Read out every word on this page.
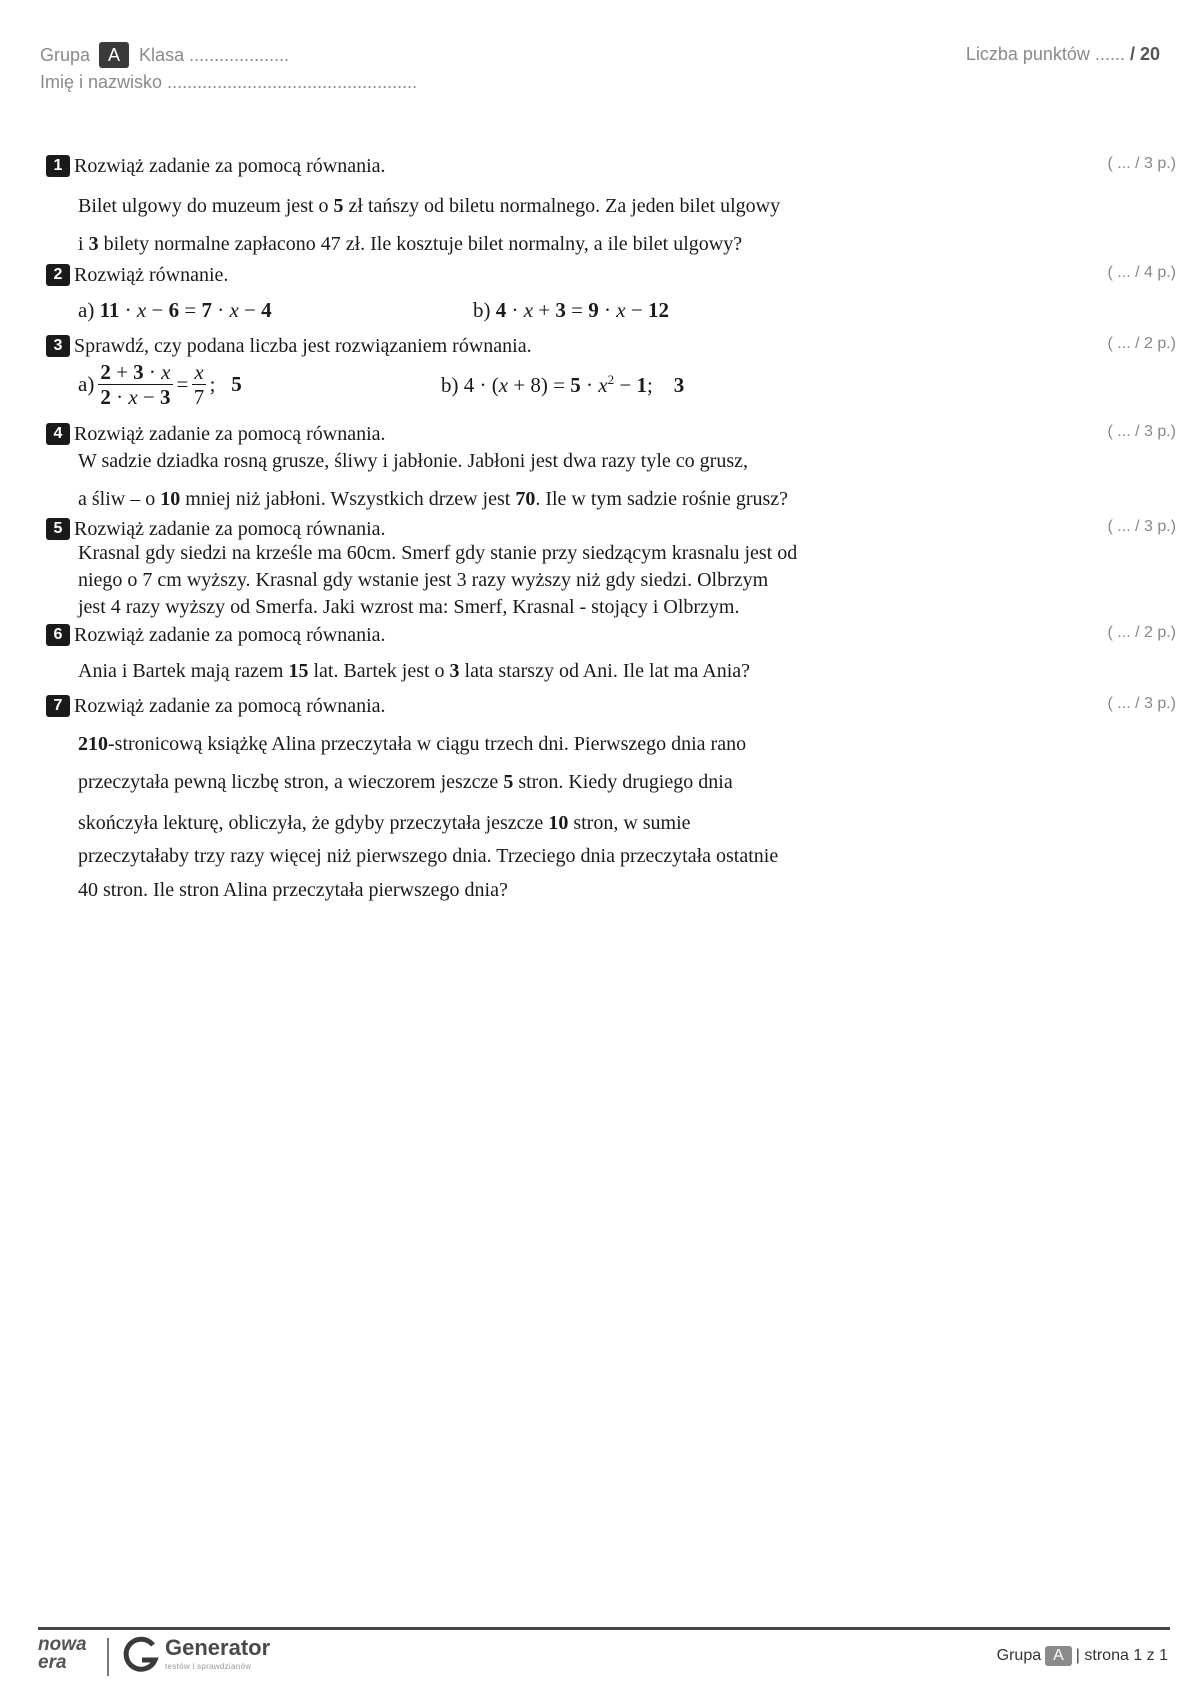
Grupa	A	Klasa ....................
Imię i nazwisko ..................................................
Liczba punktów ...... / 20
1 Rozwiąż zadanie za pomocą równania.	( ... / 3 p.)

Bilet ulgowy do muzeum jest o 5 zł tańszy od biletu normalnego. Za jeden bilet ulgowy

i 3 bilety normalne zapłacono 47 zł. Ile kosztuje bilet normalny, a ile bilet ulgowy?

2 Rozwiąż równanie.	( ... / 4 p.)
a) 11 · x − 6 = 7 · x − 4	b) 4 · x + 3 = 9 · x − 12
3 Sprawdź, czy podana liczba jest rozwiązaniem równania.	( ... / 2 p.)
$a) \frac{2 + 3 \cdot x}{2 \cdot x - 3} = \frac{x}{7}$ ; 5	b) $4 \cdot (x + 8) = 5 \cdot x^2 - 1$;    3
4 Rozwiąż zadanie za pomocą równania.	( ... / 3 p.)

W sadzie dziadka rosną grusze, śliwy i jabłonie. Jabłoni jest dwa razy tyle co grusz,

a śliw – o 10 mniej niż jabłoni. Wszystkich drzew jest 70. Ile w tym sadzie rośnie grusz?

5 Rozwiąż zadanie za pomocą równania.	( ... / 3 p.)

Krasnal gdy siedzi na krześle ma 60cm. Smerf gdy stanie przy siedzącym krasnalu jest od

niego o 7 cm wyższy. Krasnal gdy wstanie jest 3 razy wyższy niż gdy siedzi. Olbrzym

jest 4 razy wyższy od Smerfa. Jaki wzrost ma: Smerf, Krasnal - stojący i Olbrzym.

6 Rozwiąż zadanie za pomocą równania.	( ... / 2 p.)

Ania i Bartek mają razem 15 lat. Bartek jest o 3 lata starszy od Ani. Ile lat ma Ania?

7 Rozwiąż zadanie za pomocą równania.	( ... / 3 p.)

210-stronicową książkę Alina przeczytała w ciągu trzech dni. Pierwszego dnia rano

przeczytała pewną liczbę stron, a wieczorem jeszcze 5 stron. Kiedy drugiego dnia

skończyła lekturę, obliczyła, że gdyby przeczytała jeszcze 10 stron, w sumie

przeczytałaby trzy razy więcej niż pierwszego dnia. Trzeciego dnia przeczytała ostatnie

40 stron. Ile stron Alina przeczytała pierwszego dnia?

nowa
era
Generator
testów i sprawdzianów
Grupa A | strona 1 z 1
